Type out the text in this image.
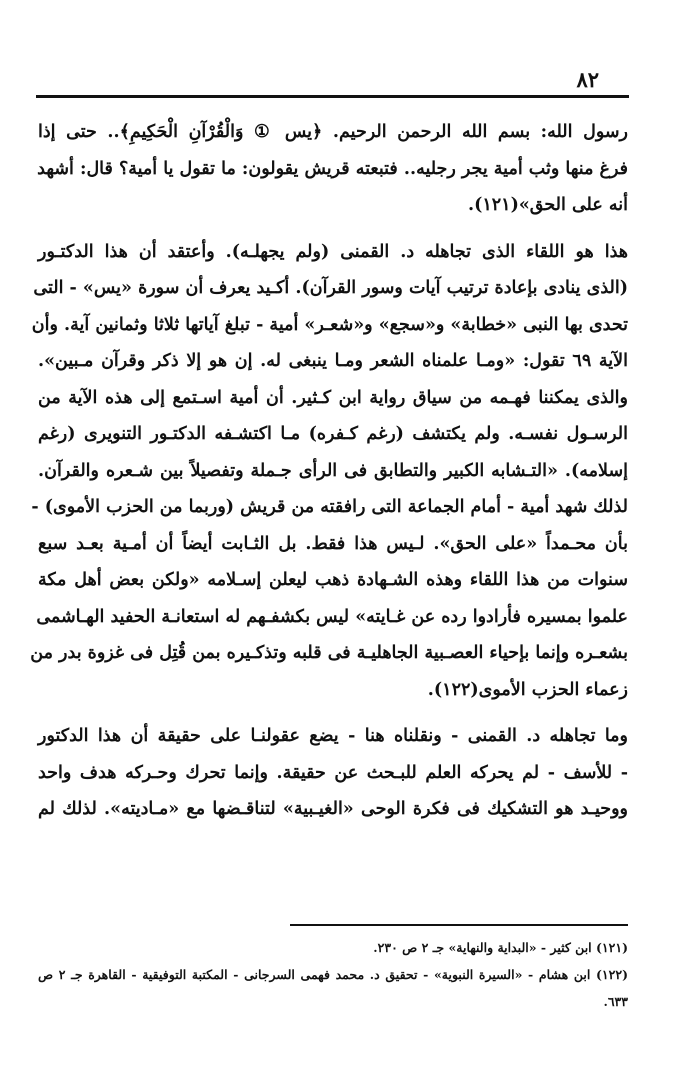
٨٢

رسول الله: بسم الله الرحمن الرحيم. ﴿يس ① وَالْقُرْآنِ الْحَكِيمِ﴾.. حتى إذا
فرغ منها وثب أمية يجر رجليه.. فتبعته قريش يقولون: ما تقول يا أمية؟ قال: أشهد
أنه على الحق»(١٢١).

هذا هو اللقاء الذى تجاهله د. القمنى (ولم يجهلـه). وأعتقد أن هذا الدكتـور
(الذى ينادى بإعادة ترتيب آيات وسور القرآن). أكـيد يعرف أن سورة «يس» - التى
تحدى بها النبى «خطابة» و«سجع» و«شعـر» أمية - تبلغ آياتها ثلاثا وثمانين آية. وأن
الآية ٦٩ تقول: «ومـا علمناه الشعر ومـا ينبغى له. إن هو إلا ذكر وقرآن مـبين».
والذى يمكننا فهـمه من سياق رواية ابن كـثير. أن أمية اسـتمع إلى هذه الآية من
الرسـول نفسـه. ولم يكتشف (رغم كـفره) مـا اكتشـفه الدكتـور التنويرى (رغم
إسلامه). «التـشابه الكبير والتطابق فى الرأى جـملة وتفصيلاً بين شـعره والقرآن.
لذلك شهد أمية - أمام الجماعة التى رافقته من قريش (وربما من الحزب الأموى) -
بأن محـمداً «على الحق». لـيس هذا فقط. بل الثـابت أيضاً أن أمـية بعـد سبع
سنوات من هذا اللقاء وهذه الشـهادة ذهب ليعلن إسـلامه «ولكن بعض أهل مكة
علموا بمسيره فأرادوا رده عن غـايته» ليس بكشفـهم له استعانـة الحفيد الهـاشمى
بشعـره وإنما بإحياء العصـبية الجاهليـة فى قلبه وتذكـيره بمن قُتِل فى غزوة بدر من
زعماء الحزب الأموى(١٢٢).

وما تجاهله د. القمنى - ونقلناه هنا - يضع عقولنـا على حقيقة أن هذا الدكتور
- للأسف - لم يحركه العلم للبـحث عن حقيقة. وإنما تحرك وحـركه هدف واحد
ووحيـد هو التشكيك فى فكرة الوحى «الغيـبية» لتناقـضها مع «مـاديته». لذلك لم

(١٢١) ابن كثير - «البداية والنهاية» جـ ٢ ص ٢٣٠.

(١٢٢) ابن هشام - «السيرة النبوية» - تحقيق د. محمد فهمى السرجانى - المكتبة التوفيقية - القاهرة جـ ٢ ص ٦٣٣.
